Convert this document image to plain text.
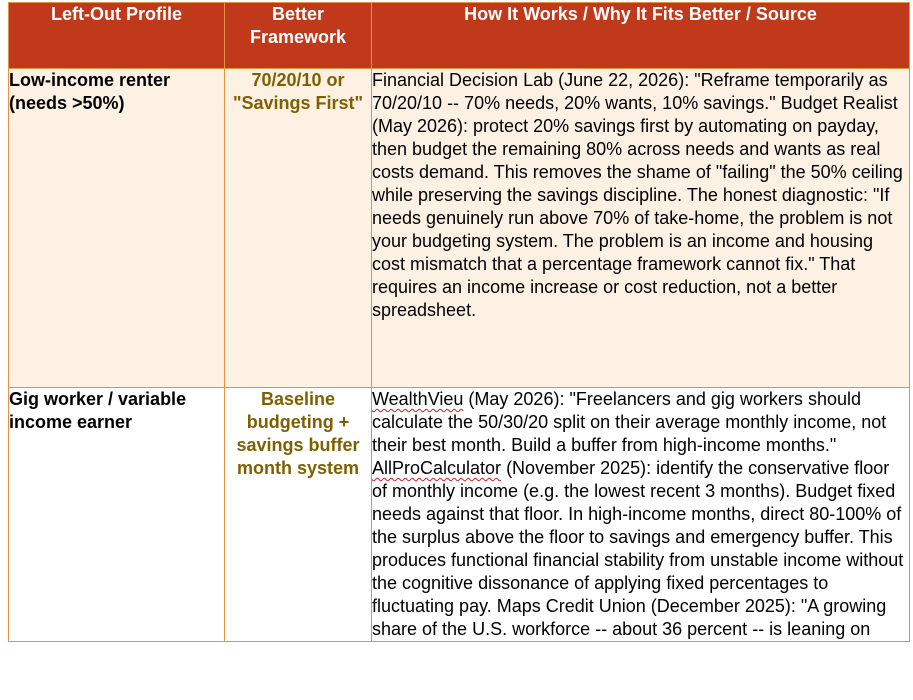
Left-Out Profile	Better Framework	How It Works / Why It Fits Better / Source
Low-income renter (needs >50%)	70/20/10 or "Savings First"	Financial Decision Lab (June 22, 2026): "Reframe temporarily as 70/20/10 -- 70% needs, 20% wants, 10% savings." Budget Realist (May 2026): protect 20% savings first by automating on payday, then budget the remaining 80% across needs and wants as real costs demand. This removes the shame of "failing" the 50% ceiling while preserving the savings discipline. The honest diagnostic: "If needs genuinely run above 70% of take-home, the problem is not your budgeting system. The problem is an income and housing cost mismatch that a percentage framework cannot fix." That requires an income increase or cost reduction, not a better spreadsheet.
Gig worker / variable income earner	Baseline budgeting + savings buffer month system	WealthVieu (May 2026): "Freelancers and gig workers should calculate the 50/30/20 split on their average monthly income, not their best month. Build a buffer from high-income months." AllProCalculator (November 2025): identify the conservative floor of monthly income (e.g. the lowest recent 3 months). Budget fixed needs against that floor. In high-income months, direct 80-100% of the surplus above the floor to savings and emergency buffer. This produces functional financial stability from unstable income without the cognitive dissonance of applying fixed percentages to fluctuating pay. Maps Credit Union (December 2025): "A growing share of the U.S. workforce -- about 36 percent -- is leaning on
